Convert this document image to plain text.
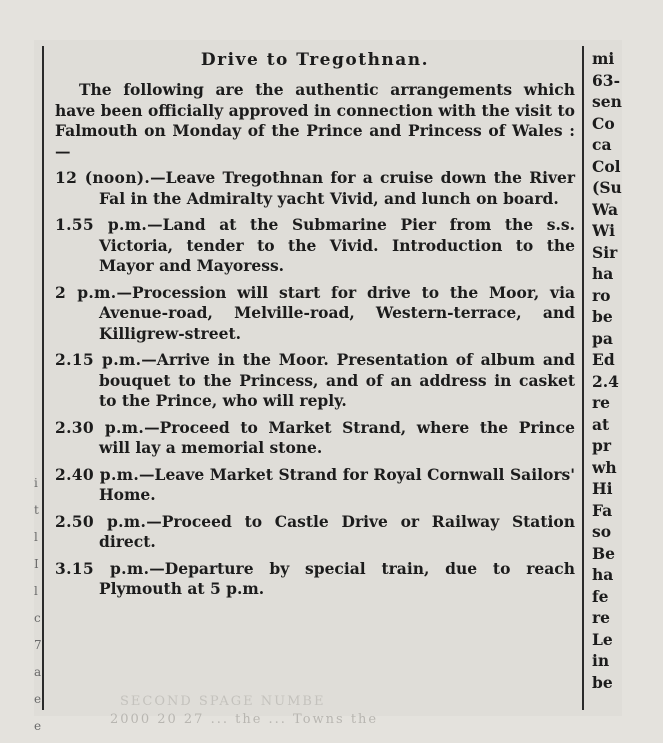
i
t
l
I
l
c
7
a
e
e
Drive to Tregothnan.

The following are the authentic arrangements which have been officially approved in connection with the visit to Falmouth on Monday of the Prince and Princess of Wales :—

12 (noon).—Leave Tregothnan for a cruise down the River Fal in the Admiralty yacht Vivid, and lunch on board.

1.55 p.m.—Land at the Submarine Pier from the s.s. Victoria, tender to the Vivid. Introduction to the Mayor and Mayoress.

2 p.m.—Procession will start for drive to the Moor, via Avenue-road, Melville-road, Western-terrace, and Killigrew-street.

2.15 p.m.—Arrive in the Moor. Presentation of album and bouquet to the Princess, and of an address in casket to the Prince, who will reply.

2.30 p.m.—Proceed to Market Strand, where the Prince will lay a memorial stone.

2.40 p.m.—Leave Market Strand for Royal Cornwall Sailors' Home.

2.50 p.m.—Proceed to Castle Drive or Railway Station direct.

3.15 p.m.—Departure by special train, due to reach Plymouth at 5 p.m.

mi
63-
sen
Co
ca
Col
(Su
Wa
Wi
Sir
ha
ro
be
pa
Ed
2.4
re
at
pr
wh
Hi
Fa
so
Be
ha
fe
re
Le
in
be
SECOND SPAGE NUMBE
2000 20 27 ... the ... Towns the
